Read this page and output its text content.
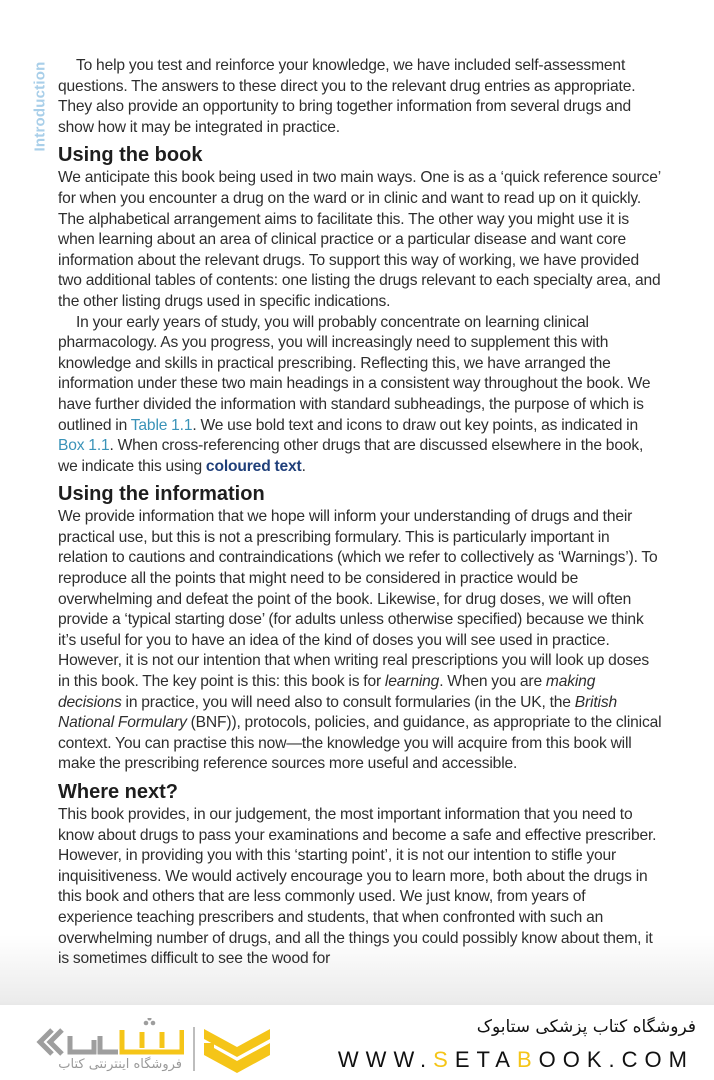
Introduction	To help you test and reinforce your knowledge, we have included self-assessment questions. The answers to these direct you to the relevant drug entries as appropriate. They also provide an opportunity to bring together information from several drugs and show how it may be integrated in practice.

Using the book

We anticipate this book being used in two main ways. One is as a ‘quick reference source’ for when you encounter a drug on the ward or in clinic and want to read up on it quickly. The alphabetical arrangement aims to facilitate this. The other way you might use it is when learning about an area of clinical practice or a particular disease and want core information about the relevant drugs. To support this way of working, we have provided two additional tables of contents: one listing the drugs relevant to each specialty area, and the other listing drugs used in specific indications.

In your early years of study, you will probably concentrate on learning clinical pharmacology. As you progress, you will increasingly need to supplement this with knowledge and skills in practical prescribing. Reflecting this, we have arranged the information under these two main headings in a consistent way throughout the book. We have further divided the information with standard subheadings, the purpose of which is outlined in Table 1.1. We use bold text and icons to draw out key points, as indicated in Box 1.1. When cross-referencing other drugs that are discussed elsewhere in the book, we indicate this using coloured text.

Using the information

We provide information that we hope will inform your understanding of drugs and their practical use, but this is not a prescribing formulary. This is particularly important in relation to cautions and contraindications (which we refer to collectively as ‘Warnings’). To reproduce all the points that might need to be considered in practice would be overwhelming and defeat the point of the book. Likewise, for drug doses, we will often provide a ‘typical starting dose’ (for adults unless otherwise specified) because we think it’s useful for you to have an idea of the kind of doses you will see used in practice. However, it is not our intention that when writing real prescriptions you will look up doses in this book. The key point is this: this book is for learning. When you are making decisions in practice, you will need also to consult formularies (in the UK, the British National Formulary (BNF)), protocols, policies, and guidance, as appropriate to the clinical context. You can practise this now—the knowledge you will acquire from this book will make the prescribing reference sources more useful and accessible.

Where next?

This book provides, in our judgement, the most important information that you need to know about drugs to pass your examinations and become a safe and effective prescriber. However, in providing you with this ‘starting point’, it is not our intention to stifle your inquisitiveness. We would actively encourage you to learn more, both about the drugs in this book and others that are less commonly used. We just know, from years of experience teaching prescribers and students, that when confronted with such an overwhelming number of drugs, and all the things you could possibly know about them, it is sometimes difficult to see the wood for

فروشگاه اینترنتی کتاب
فروشگاه کتاب پزشکی ستابوک
WWW.SETABOOK.COM
